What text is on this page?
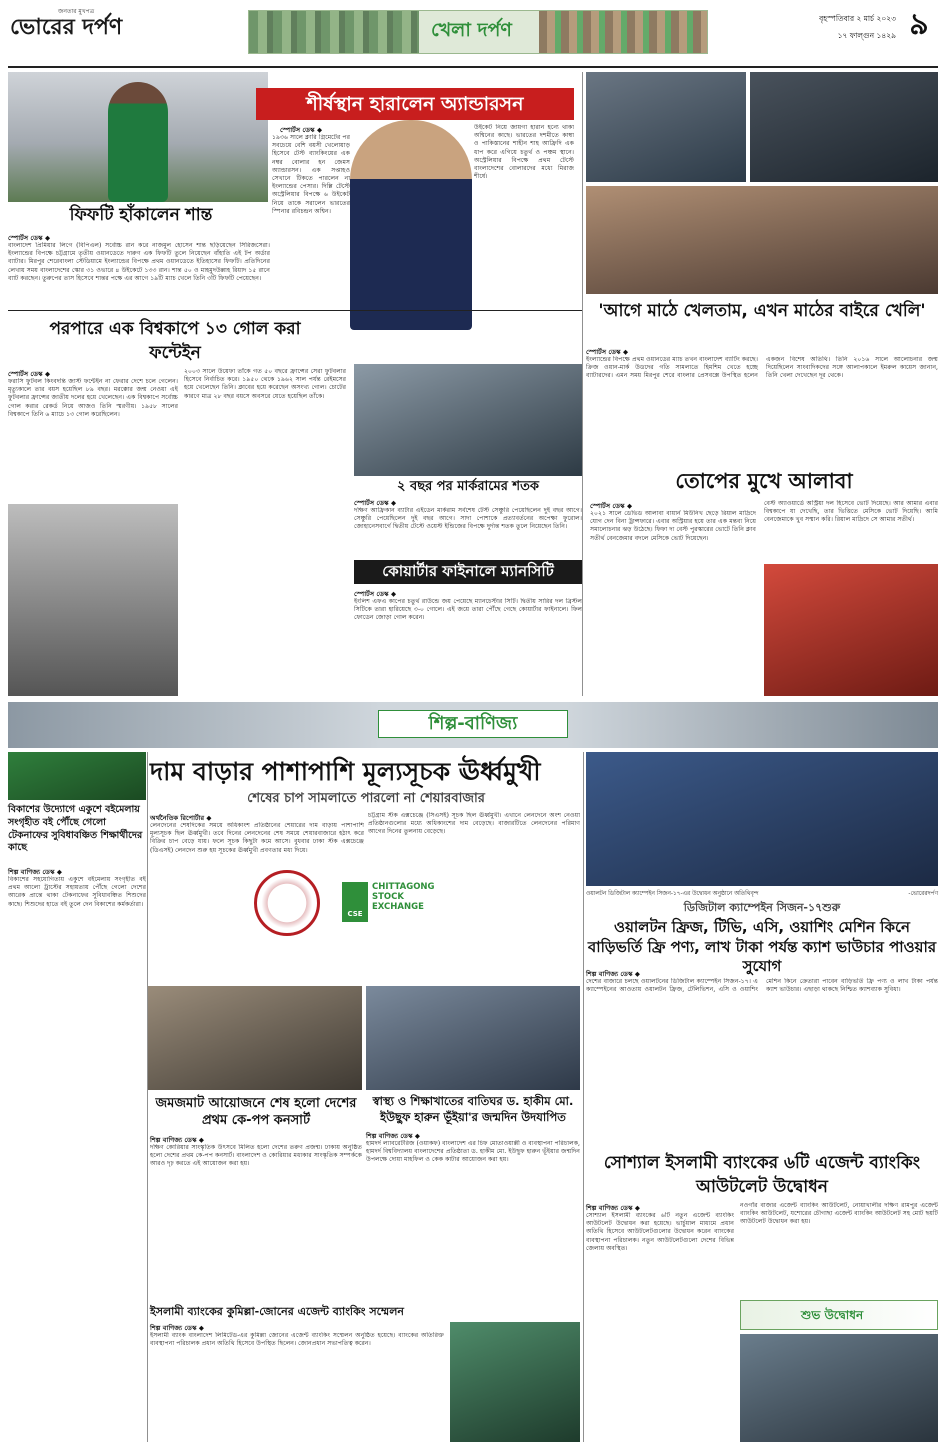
জনতার মুখপত্র
ভোরের দর্পণ	খেলা দর্পণ
বৃহস্পতিবার ২ মার্চ ২০২৩
১৭ ফাল্গুন ১৪২৯ ৯
ফিফটি হাঁকালেন শান্ত
স্পোর্টস ডেস্ক ◆
বাংলাদেশ প্রিমিয়ার লিগে (বিপিএল) সর্বোচ্চ রান করে নাজমুল হোসেন শান্ত ছড়িয়েছেন সিরিজসেরা। ইংল্যান্ডের বিপক্ষে চট্টগ্রামে তৃতীয় ওয়ানডেতে দারুণ এক ফিফটি তুলে নিয়েছেন বাঁহাতি এই টপ অর্ডার ব্যাটার। মিরপুর শেরেবাংলা স্টেডিয়ামে ইংল্যান্ডের বিপক্ষে প্রথম ওয়ানডেতে ইতিহাসের ফিফটি। প্রতিদিনের লেখায় সময় বাংলাদেশের স্কোর ৩১ ওভারে ৪ উইকেটে ১৩৩ রান। শান্ত ৫০ ও মাহমুদউল্লাহ রিয়াদ ১৫ রানে ব্যাট করছেন। তুরুপের তাস হিসেবে শান্তর পক্ষে এর আগে ১৯টি ম্যাচ খেলে তিনি ৩টি ফিফটি পেয়েছেন।
শীর্ষস্থান হারালেন অ্যান্ডারসন
স্পোর্টস ডেস্ক ◆
১৯৩৬ সালে ক্লারি গ্রিমেটের পর সবচেয়ে বেশি বয়সী খেলোয়াড় হিসেবে টেস্ট ব্যাংকিংয়ের এক নম্বর বোলার হন জেমস অ্যান্ডারসন। এক সপ্তাহও সেখানে টিকতে পারলেন না ইংল্যান্ডের পেসার। দিল্লি টেস্টে অস্ট্রেলিয়ার বিপক্ষে ৬ উইকেট নিয়ে তাকে সরালেন ভারতের স্পিনার রবিচন্দ্রন অশ্বিন।
উইকেট নিয়ে জায়গা হারান হন্যে থাকা অশ্বিনের কাছে। ভারতের দশমীতে কাম্বা ও পাকিস্তানের শাহীন শাহ আফ্রিদি এক ধাপ করে এগিয়ে চতুর্থ ও পঞ্চম স্থানে। অস্ট্রেলিয়ার বিপক্ষে প্রথম টেস্টে বাংলাদেশের বোলারদের মধ্যে মিরাজ শীর্ষে।
'আগে মাঠে খেলতাম, এখন মাঠের বাইরে খেলি'
স্পোর্টস ডেস্ক ◆
ইংল্যান্ডের বিপক্ষে প্রথম ওয়ানডের ম্যাচ তখন বাংলাদেশ ব্যাটিং করছে। ক্রিজ ওয়ান-মার্ক উডদের গতি সামলাতে হিমশিম খেতে হচ্ছে ব্যাটারদের। এমন সময় মিরপুর শেরে বাংলার প্রেসবক্সে উপস্থিত হলেন একজন বিশেষ অতিথি। তিনি ২০১৬ সালে আলোচনার জন্ম দিয়েছিলেন সাংবাদিকদের সঙ্গে আলাপকালে ইমরুল কায়েস জানান, তিনি খেলা দেখেছেন দূর থেকে।
পরপারে এক বিশ্বকাপে ১৩ গোল করা ফন্টেইন
স্পোর্টস ডেস্ক ◆
ফরাসি ফুটবল কিংবদন্তি জাস্ট ফন্টেইন না ফেরার দেশে চলে গেলেন। মৃত্যুকালে তার বয়স হয়েছিল ৮৯ বছর। মরক্কোর জন্ম নেওয়া এই ফুটবলার ফ্রান্সের জাতীয় দলের হয়ে খেলেছেন। এক বিশ্বকাপে সর্বোচ্চ গোল করার রেকর্ড নিয়ে আজও তিনি স্মরণীয়। ১৯৫৮ সালের বিশ্বকাপে তিনি ৬ ম্যাচে ১৩ গোল করেছিলেন।
২০০৩ সালে উয়েফা তাঁকে গত ৫০ বছরে ফ্রান্সের সেরা ফুটবলার হিসেবে নির্বাচিত করে। ১৯৫০ থেকে ১৯৬২ সাল পর্যন্ত রেইমসের হয়ে খেলেছেন তিনি। ক্লাবের হয়ে করেছেন অসংখ্য গোল। চোটের কারণে মাত্র ২৮ বছর বয়সে অবসরে যেতে হয়েছিল তাঁকে।
২ বছর পর মার্করামের শতক
স্পোর্টস ডেস্ক ◆
দক্ষিণ আফ্রিকান ব্যাটার এইডেন মার্করাম সর্বশেষ টেস্ট সেঞ্চুরি পেয়েছিলেন দুই বছর আগে। সেঞ্চুরি পেয়েছিলেন দুই বছর আগে। সাদা পোশাকে প্রত্যাবর্তনের অপেক্ষা ফুরোল। জোহানেসবার্গে দ্বিতীয় টেস্টে ওয়েস্ট ইন্ডিজের বিপক্ষে দুর্দান্ত শতক তুলে নিয়েছেন তিনি।
কোয়ার্টার ফাইনালে ম্যানসিটি
স্পোর্টস ডেস্ক ◆
ইংলিশ এফএ কাপের চতুর্থ রাউন্ডে জয় পেয়েছে ম্যানচেস্টার সিটি। দ্বিতীয় সারির দল ব্রিস্টল সিটিকে তারা হারিয়েছে ৩-০ গোলে। এই জয়ে তারা পৌঁছে গেছে কোয়ার্টার ফাইনালে। ফিল ফোডেন জোড়া গোল করেন।
তোপের মুখে আলাবা
স্পোর্টস ডেস্ক ◆
২০২১ সালে ডেভিড আলাবা বায়ার্ন মিউনিখ ছেড়ে রিয়াল মাদ্রিদে যোগ দেন বিনা ট্রান্সফারে। এবার অস্ট্রিয়ার হয়ে তার এক মন্তব্য নিয়ে সমালোচনার ঝড় উঠেছে। ফিফা দ্য বেস্ট পুরস্কারের ভোটে তিনি ক্লাব সতীর্থ বেনজেমার বদলে মেসিকে ভোট দিয়েছেন।
বেস্ট অ্যাওয়ার্ডে অস্ট্রিয়া দল হিসেবে ভোট দিয়েছে। আর আমার এবার বিশ্বকাপে যা দেখেছি, তার ভিত্তিতে মেসিকে ভোট দিয়েছি। আমি বেনজেমাকে খুব সম্মান করি। রিয়াল মাদ্রিদে সে আমার সতীর্থ।
শিল্প-বাণিজ্য
বিকাশের উদ্যোগে একুশে বইমেলায় সংগৃহীত বই পৌঁছে গেলো টেকনাফের সুবিধাবঞ্চিত শিক্ষার্থীদের কাছে
শিল্প বাণিজ্য ডেস্ক ◆
বিকাশের সহযোগিতায় একুশে বইমেলায় সংগৃহীত বই প্রথম আলো ট্রাস্টের সহায়তায় পৌঁছে গেলো দেশের আরেক প্রান্তে থাকা টেকনাফের সুবিধাবঞ্চিত শিশুদের কাছে। শিশুদের হাতে বই তুলে দেন বিকাশের কর্মকর্তারা।
দাম বাড়ার পাশাপাশি মূল্যসূচক ঊর্ধ্বমুখী
শেষের চাপ সামলাতে পারলো না শেয়ারবাজার
অর্থনৈতিক রিপোর্টার ◆
লেনদেনের শেষদিকের সময়ে অধিকাংশ প্রতিষ্ঠানের শেয়ারের দাম বাড়ায় পাশাপাশি মূল্যসূচক ছিল ঊর্ধ্বমুখী। তবে দিনের লেনদেনের শেষ সময়ে শেয়ারবাজারে হঠাৎ করে বিক্রির চাপ বেড়ে যায়। ফলে সূচক কিছুটা কমে আসে। বুধবার ঢাকা স্টক এক্সচেঞ্জে (ডিএসই) লেনদেন শুরু হয় সূচকের ঊর্ধ্বমুখী প্রবণতার মধ্য দিয়ে।
চট্টগ্রাম স্টক এক্সচেঞ্জে (সিএসই) সূচক ছিল ঊর্ধ্বমুখী। এখানে লেনদেনে অংশ নেওয়া প্রতিষ্ঠানগুলোর মধ্যে অধিকাংশের দাম বেড়েছে। বাজারটিতে লেনদেনের পরিমাণ আগের দিনের তুলনায় বেড়েছে।
CSE
CHITTAGONG STOCK EXCHANGE
স্বাস্থ্য ও শিক্ষাখাতের বাতিঘর ড. হাকীম মো. ইউছুফ হারুন ভূঁইয়া'র জন্মদিন উদযাপিত
শিল্প বাণিজ্য ডেস্ক ◆
হামদর্দ ল্যাবরেটরিজ (ওয়াকফ) বাংলাদেশ এর চিফ মোতাওয়াল্লী ও ব্যবস্থাপনা পরিচালক, হামদর্দ বিশ্ববিদ্যালয় বাংলাদেশের প্রতিষ্ঠাতা ড. হাকীম মো. ইউছুফ হারুন ভূঁইয়ার জন্মদিন উপলক্ষে দোয়া মাহফিল ও কেক কাটার আয়োজন করা হয়।
জমজমাট আয়োজনে শেষ হলো দেশের প্রথম কে-পপ কনসার্ট
শিল্প বাণিজ্য ডেস্ক ◆
দক্ষিণ কোরিয়ার সাংস্কৃতিক উৎসবে মিলিত হলো দেশের তরুণ প্রজন্ম। ঢাকায় অনুষ্ঠিত হলো দেশের প্রথম কে-পপ কনসার্ট। বাংলাদেশ ও কোরিয়ার মধ্যকার সাংস্কৃতিক সম্পর্ককে আরও দৃঢ় করতে এই আয়োজন করা হয়।
ইসলামী ব্যাংকের কুমিল্লা-জোনের এজেন্ট ব্যাংকিং সম্মেলন
শিল্প বাণিজ্য ডেস্ক ◆
ইসলামী ব্যাংক বাংলাদেশ লিমিটেড-এর কুমিল্লা জোনের এজেন্ট ব্যাংকিং সম্মেলন অনুষ্ঠিত হয়েছে। ব্যাংকের অতিরিক্ত ব্যবস্থাপনা পরিচালক প্রধান অতিথি হিসেবে উপস্থিত ছিলেন। জোনপ্রধান সভাপতিত্ব করেন।
ওয়ালটন ডিজিটাল ক্যাম্পেইন সিজন-১৭-এর উদ্বোধন অনুষ্ঠানে অতিথিবৃন্দ	-ভোরেরদর্পণ
ডিজিটাল ক্যাম্পেইন সিজন-১৭শুরু
ওয়ালটন ফ্রিজ, টিভি, এসি, ওয়াশিং মেশিন কিনে বাড়িভর্তি ফ্রি পণ্য, লাখ টাকা পর্যন্ত ক্যাশ ভাউচার পাওয়ার সুযোগ
শিল্প বাণিজ্য ডেস্ক ◆
দেশের বাজারে চলছে ওয়ালটনের ডিজিটাল ক্যাম্পেইন সিজন-১৭। এ ক্যাম্পেইনের আওতায় ওয়ালটন ফ্রিজ, টেলিভিশন, এসি ও ওয়াশিং মেশিন কিনে ক্রেতারা পাবেন বাড়িভর্তি ফ্রি পণ্য ও লাখ টাকা পর্যন্ত ক্যাশ ভাউচার। এছাড়া থাকছে নিশ্চিত ক্যাশব্যাক সুবিধা।
সোশ্যাল ইসলামী ব্যাংকের ৬টি এজেন্ট ব্যাংকিং আউটলেট উদ্বোধন
শিল্প বাণিজ্য ডেস্ক ◆
সোশ্যাল ইসলামী ব্যাংকের ৬টি নতুন এজেন্ট ব্যাংকিং আউটলেট উদ্বোধন করা হয়েছে। ভার্চুয়াল মাধ্যমে প্রধান অতিথি হিসেবে আউটলেটগুলোর উদ্বোধন করেন ব্যাংকের ব্যবস্থাপনা পরিচালক। নতুন আউটলেটগুলো দেশের বিভিন্ন জেলায় অবস্থিত।
নওগাঁর বাজার এজেন্ট ব্যাংকিং আউটলেট, নোয়াখালীর দক্ষিণ রামপুর এজেন্ট ব্যাংকিং আউটলেট, যশোরের চৌগাছা এজেন্ট ব্যাংকিং আউটলেট সহ মোট ছয়টি আউটলেট উদ্বোধন করা হয়।
শুভ উদ্বোধন
